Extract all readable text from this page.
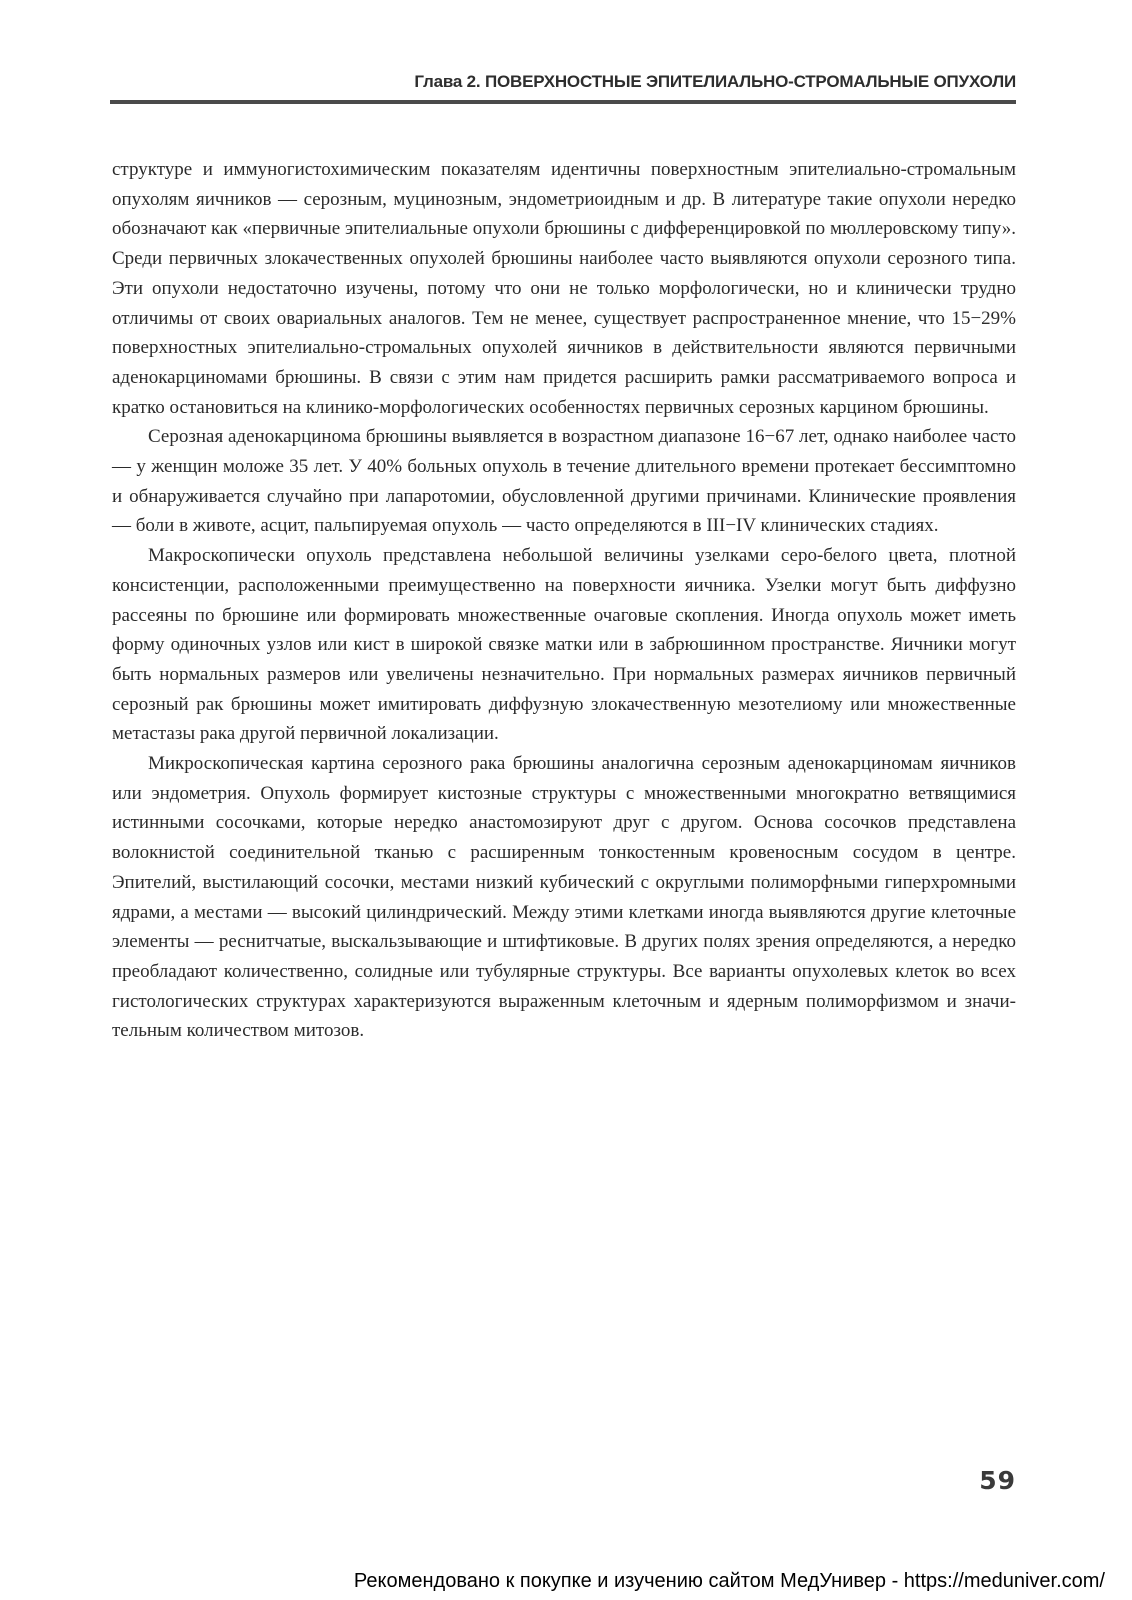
Глава 2. ПОВЕРХНОСТНЫЕ ЭПИТЕЛИАЛЬНО-СТРОМАЛЬНЫЕ ОПУХОЛИ

структуре и иммуногистохимическим показателям идентичны поверхностным эпителиально-стромальным опухолям яичников — серозным, муцинозным, эндометриоидным и др. В литературе такие опухоли нередко обозначают как «первичные эпителиальные опухоли брюшины с дифференцировкой по мюллеровскому типу». Среди первичных злокачественных опухолей брюшины наиболее часто выявляются опухоли серозного типа. Эти опухоли недостаточно изучены, потому что они не только морфологически, но и клинически трудно отличимы от своих овариальных аналогов. Тем не менее, существует распространенное мнение, что 15−29% поверхностных эпителиально-стромальных опухолей яичников в действительности являются первичными аденокарциномами брюшины. В связи с этим нам придется расширить рамки рассматриваемого вопроса и кратко остановиться на клинико-морфологических особенностях первичных серозных карцином брюшины.

Серозная аденокарцинома брюшины выявляется в возрастном диапазоне 16−67 лет, однако наиболее часто — у женщин моложе 35 лет. У 40% больных опухоль в течение длительного времени протекает бессимптомно и обнаруживается случайно при лапаротомии, обусловленной другими причинами. Клинические проявления — боли в животе, асцит, пальпируемая опухоль — часто определяются в III−IV клинических стадиях.

Макроскопически опухоль представлена небольшой величины узелками серо-белого цвета, плотной консистенции, расположенными преимущественно на поверхности яичника. Узелки могут быть диффузно рассеяны по брюшине или формировать множественные очаговые скопления. Иногда опухоль может иметь форму одиночных узлов или кист в широкой связке матки или в забрюшинном пространстве. Яичники могут быть нормальных размеров или увеличены незначительно. При нормальных размерах яичников первичный серозный рак брюшины может имитировать диффузную злокачественную мезотелиому или множественные метастазы рака другой первичной локализации.

Микроскопическая картина серозного рака брюшины аналогична серозным аденокарциномам яичников или эндометрия. Опухоль формирует кистозные структуры с множественными многократно ветвящимися истинными сосочками, которые нередко анастомозируют друг с другом. Основа сосочков представлена волокнистой соединительной тканью с расширенным тонкостенным кровеносным сосудом в центре. Эпителий, выстилающий сосочки, местами низкий кубический с округлыми полиморфными гиперхромными ядрами, а местами — высокий цилиндрический. Между этими клетками иногда выявляются другие клеточные элементы — реснитчатые, выскальзывающие и штифтиковые. В других полях зрения определяются, а нередко преобладают количественно, солидные или тубулярные структуры. Все варианты опухолевых клеток во всех гистологических структурах характеризуются выраженным клеточным и ядерным полиморфизмом и значительным количеством митозов.

59
Рекомендовано к покупке и изучению сайтом МедУнивер - https://meduniver.com/
